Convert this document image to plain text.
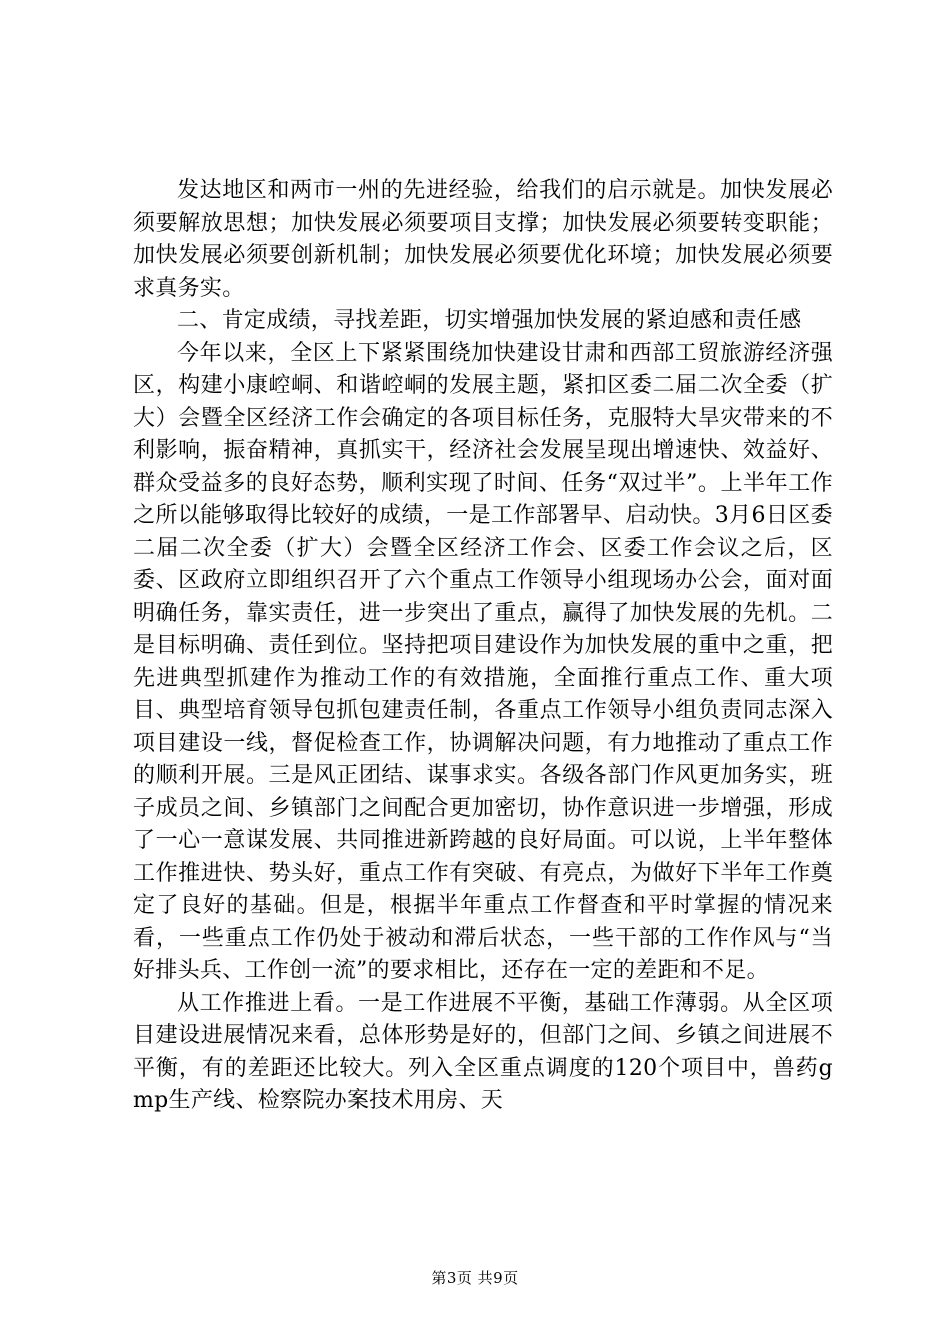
发达地区和两市一州的先进经验，给我们的启示就是。加快发展必须要解放思想；加快发展必须要项目支撑；加快发展必须要转变职能；加快发展必须要创新机制；加快发展必须要优化环境；加快发展必须要求真务实。

二、肯定成绩，寻找差距，切实增强加快发展的紧迫感和责任感

今年以来，全区上下紧紧围绕加快建设甘肃和西部工贸旅游经济强区，构建小康崆峒、和谐崆峒的发展主题，紧扣区委二届二次全委（扩大）会暨全区经济工作会确定的各项目标任务，克服特大旱灾带来的不利影响，振奋精神，真抓实干，经济社会发展呈现出增速快、效益好、群众受益多的良好态势，顺利实现了时间、任务“双过半”。上半年工作之所以能够取得比较好的成绩，一是工作部署早、启动快。3月6日区委二届二次全委（扩大）会暨全区经济工作会、区委工作会议之后，区委、区政府立即组织召开了六个重点工作领导小组现场办公会，面对面明确任务，靠实责任，进一步突出了重点，赢得了加快发展的先机。二是目标明确、责任到位。坚持把项目建设作为加快发展的重中之重，把先进典型抓建作为推动工作的有效措施，全面推行重点工作、重大项目、典型培育领导包抓包建责任制，各重点工作领导小组负责同志深入项目建设一线，督促检查工作，协调解决问题，有力地推动了重点工作的顺利开展。三是风正团结、谋事求实。各级各部门作风更加务实，班子成员之间、乡镇部门之间配合更加密切，协作意识进一步增强，形成了一心一意谋发展、共同推进新跨越的良好局面。可以说，上半年整体工作推进快、势头好，重点工作有突破、有亮点，为做好下半年工作奠定了良好的基础。但是，根据半年重点工作督查和平时掌握的情况来看，一些重点工作仍处于被动和滞后状态，一些干部的工作作风与“当好排头兵、工作创一流”的要求相比，还存在一定的差距和不足。

从工作推进上看。一是工作进展不平衡，基础工作薄弱。从全区项目建设进展情况来看，总体形势是好的，但部门之间、乡镇之间进展不平衡，有的差距还比较大。列入全区重点调度的120个项目中，兽药gmp生产线、检察院办案技术用房、天

第3页 共9页
